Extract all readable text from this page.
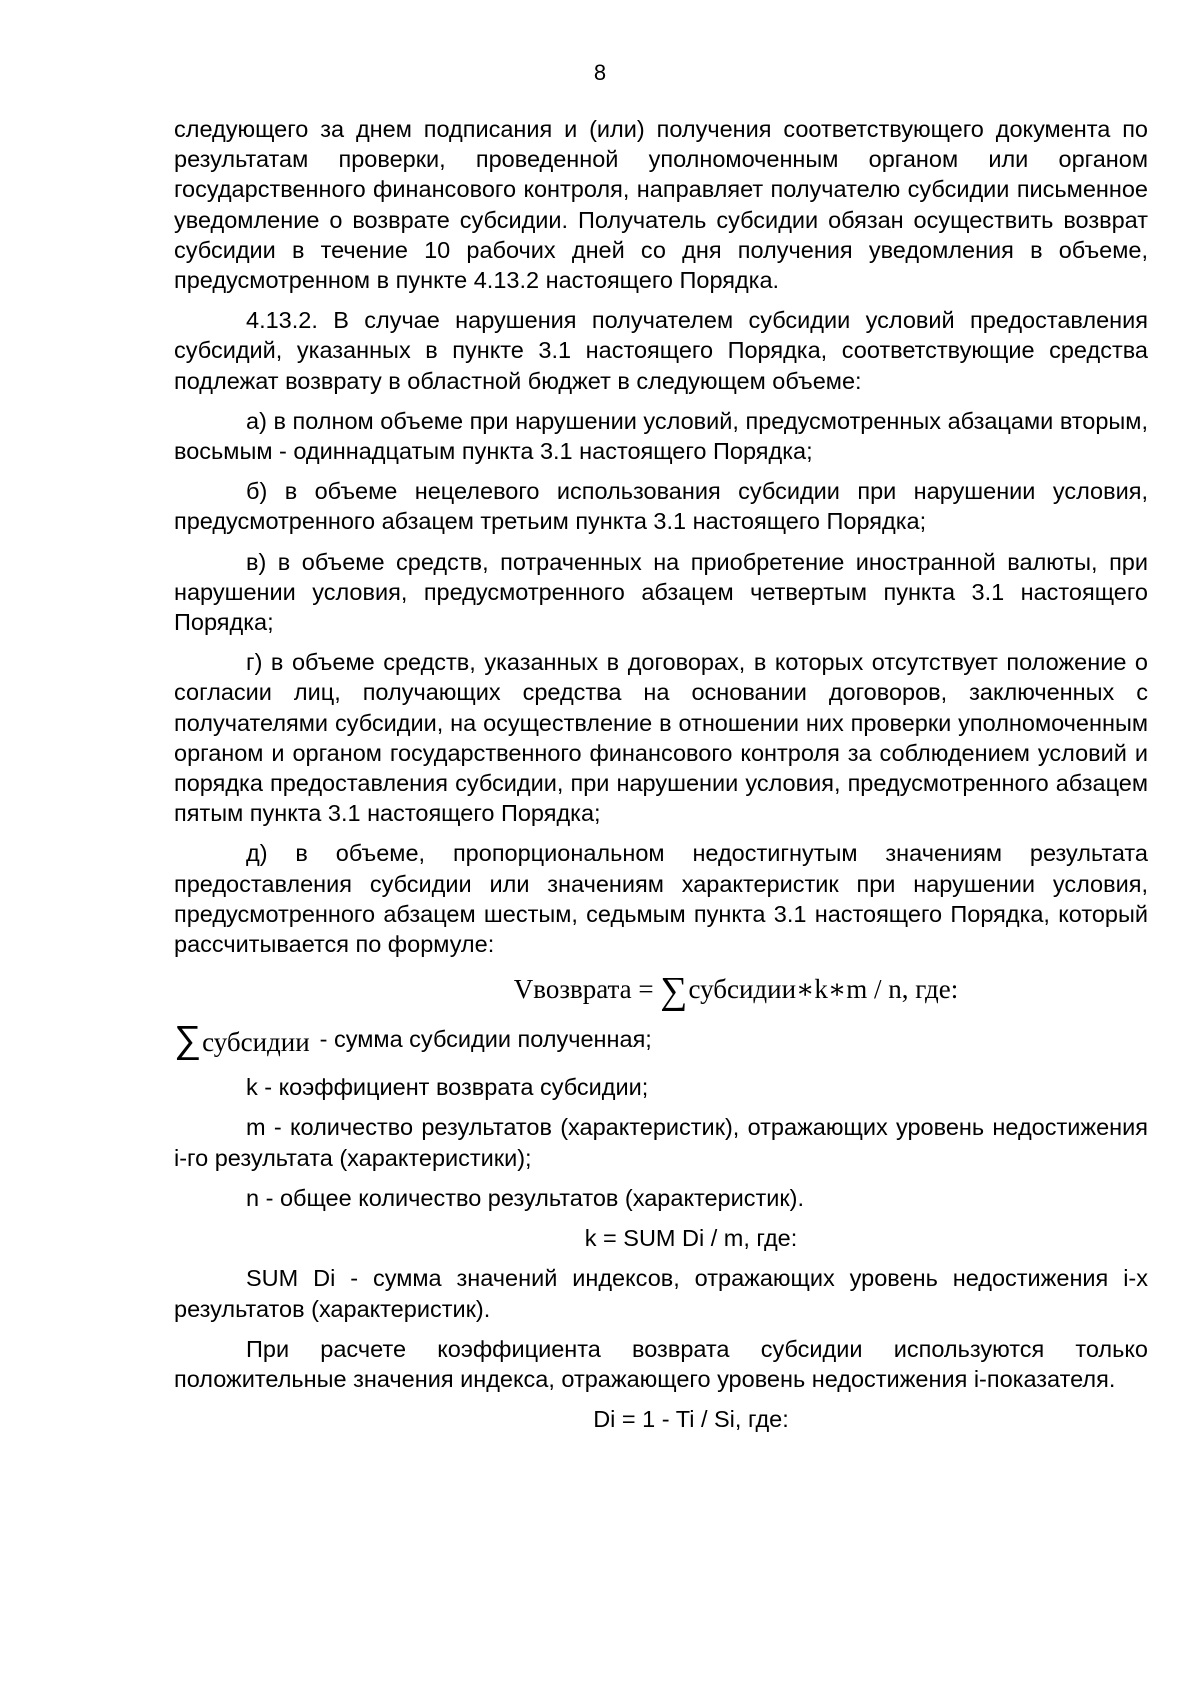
8

следующего за днем подписания и (или) получения соответствующего документа по результатам проверки, проведенной уполномоченным органом или органом государственного финансового контроля, направляет получателю субсидии письменное уведомление о возврате субсидии. Получатель субсидии обязан осуществить возврат субсидии в течение 10 рабочих дней со дня получения уведомления в объеме, предусмотренном в пункте 4.13.2 настоящего Порядка.

4.13.2. В случае нарушения получателем субсидии условий предоставления субсидий, указанных в пункте 3.1 настоящего Порядка, соответствующие средства подлежат возврату в областной бюджет в следующем объеме:

а) в полном объеме при нарушении условий, предусмотренных абзацами вторым, восьмым - одиннадцатым пункта 3.1 настоящего Порядка;

б) в объеме нецелевого использования субсидии при нарушении условия, предусмотренного абзацем третьим пункта 3.1 настоящего Порядка;

в) в объеме средств, потраченных на приобретение иностранной валюты, при нарушении условия, предусмотренного абзацем четвертым пункта 3.1 настоящего Порядка;

г) в объеме средств, указанных в договорах, в которых отсутствует положение о согласии лиц, получающих средства на основании договоров, заключенных с получателями субсидии, на осуществление в отношении них проверки уполномоченным органом и органом государственного финансового контроля за соблюдением условий и порядка предоставления субсидии, при нарушении условия, предусмотренного абзацем пятым пункта 3.1 настоящего Порядка;

д) в объеме, пропорциональном недостигнутым значениям результата предоставления субсидии или значениям характеристик при нарушении условия, предусмотренного абзацем шестым, седьмым пункта 3.1 настоящего Порядка, который рассчитывается по формуле:

Vвозврата = ∑субсидии∗k∗m / n, где:
∑субсидии - сумма субсидии полученная;

k - коэффициент возврата субсидии;

m - количество результатов (характеристик), отражающих уровень недостижения i-го результата (характеристики);

n - общее количество результатов (характеристик).

k = SUM Di / m, где:

SUM Di - сумма значений индексов, отражающих уровень недостижения i-х результатов (характеристик).

При расчете коэффициента возврата субсидии используются только положительные значения индекса, отражающего уровень недостижения i-показателя.

Di = 1 - Ti / Si, где:
